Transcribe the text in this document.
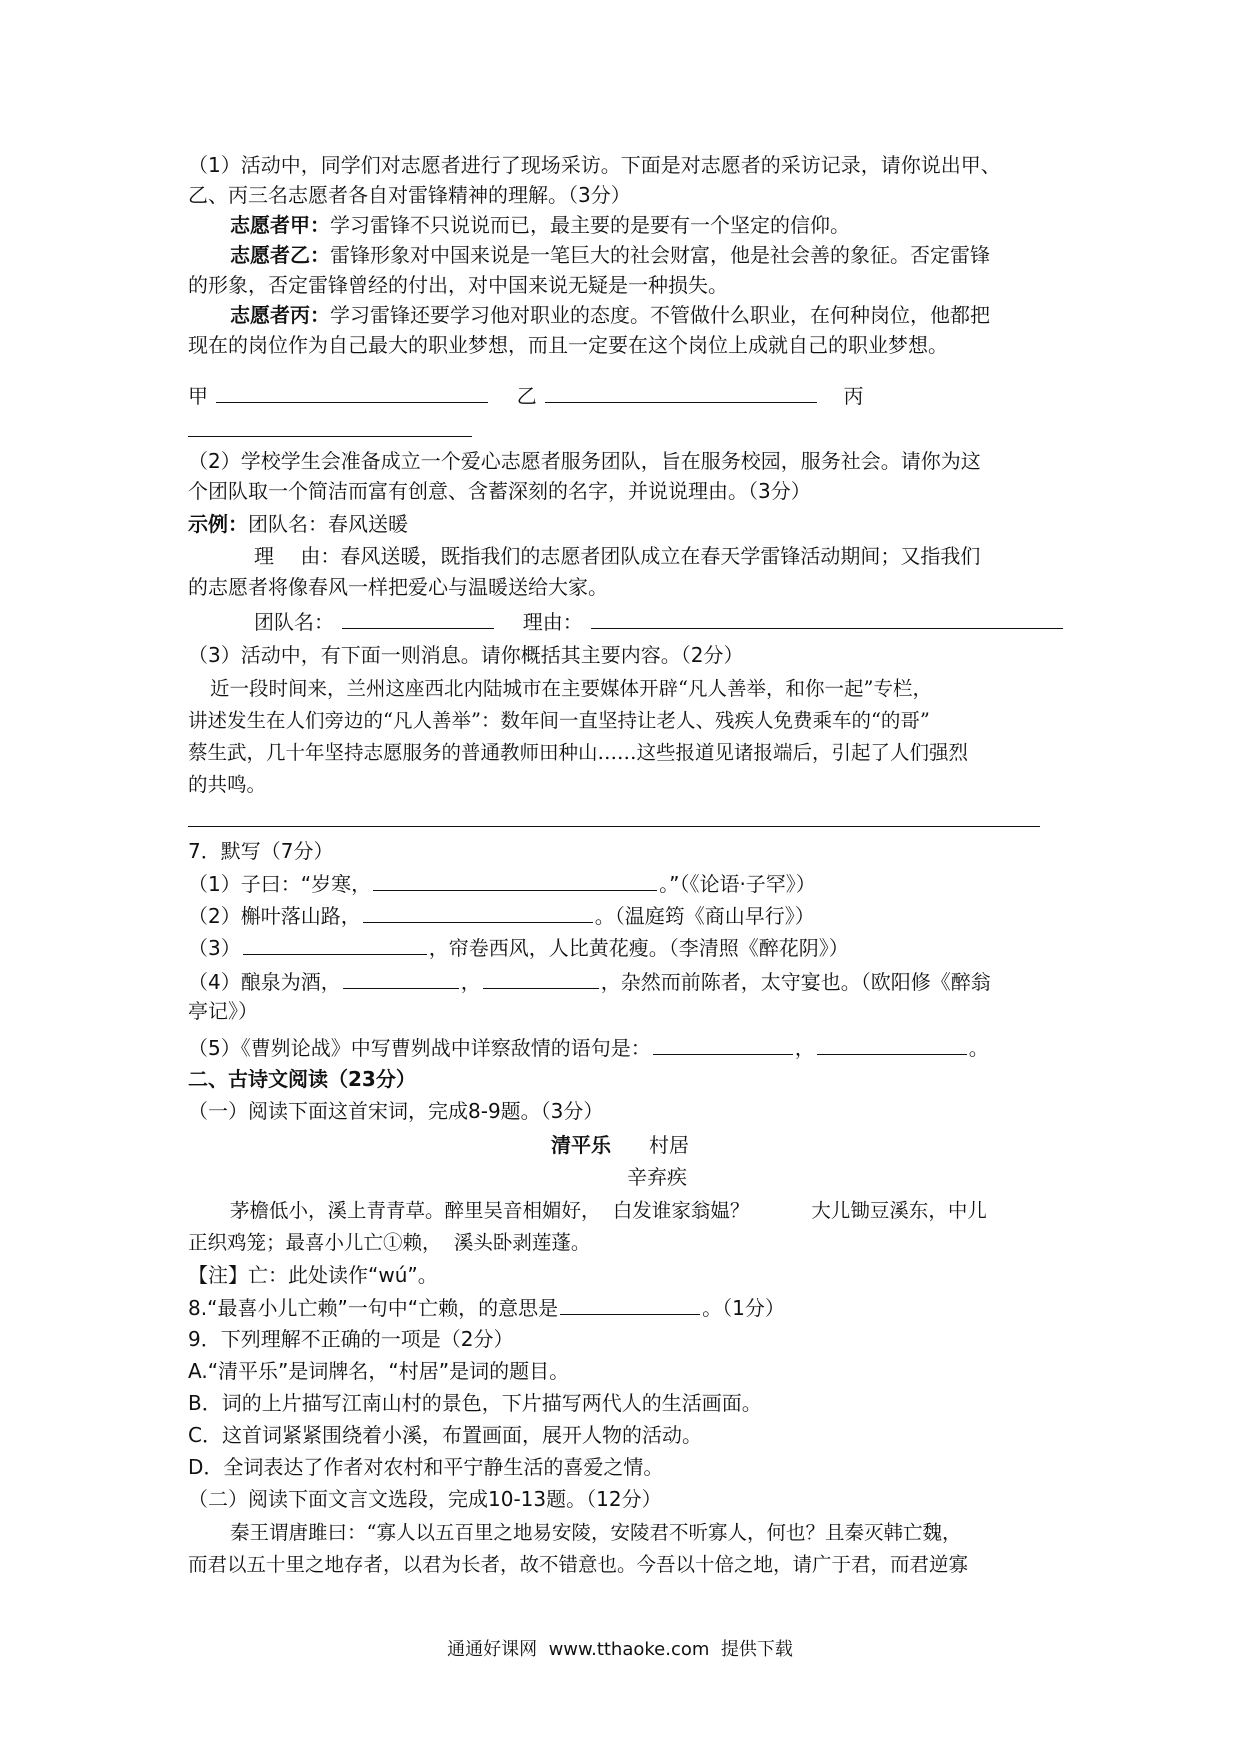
（1）活动中，同学们对志愿者进行了现场采访。下面是对志愿者的采访记录，请你说出甲、
乙、丙三名志愿者各自对雷锋精神的理解。（3分）
志愿者甲：学习雷锋不只说说而已，最主要的是要有一个坚定的信仰。
志愿者乙：雷锋形象对中国来说是一笔巨大的社会财富，他是社会善的象征。否定雷锋
的形象，否定雷锋曾经的付出，对中国来说无疑是一种损失。
志愿者丙：学习雷锋还要学习他对职业的态度。不管做什么职业，在何种岗位，他都把
现在的岗位作为自己最大的职业梦想，而且一定要在这个岗位上成就自己的职业梦想。
甲	乙	丙
（2）学校学生会准备成立一个爱心志愿者服务团队，旨在服务校园，服务社会。请你为这
个团队取一个简洁而富有创意、含蓄深刻的名字，并说说理由。（3分）
示例：团队名：春风送暖
理　 由：春风送暖，既指我们的志愿者团队成立在春天学雷锋活动期间；又指我们
的志愿者将像春风一样把爱心与温暖送给大家。
团队名：	理由：
（3）活动中，有下面一则消息。请你概括其主要内容。（2分）
近一段时间来，兰州这座西北内陆城市在主要媒体开辟“凡人善举，和你一起”专栏，
讲述发生在人们旁边的“凡人善举”：数年间一直坚持让老人、残疾人免费乘车的“的哥”
蔡生武，几十年坚持志愿服务的普通教师田种山……这些报道见诸报端后，引起了人们强烈
的共鸣。
7．默写（7分）
（1）子曰：“岁寒，	。”（《论语·子罕》）
（2）槲叶落山路，	。（温庭筠《商山早行》）
（3）	，帘卷西风，人比黄花瘦。（李清照《醉花阴》）
（4）酿泉为酒，	，	，杂然而前陈者，太守宴也。（欧阳修《醉翁
亭记》）
（5）《曹刿论战》中写曹刿战中详察敌情的语句是：	，	。
二、古诗文阅读（23分）
（一）阅读下面这首宋词，完成8-9题。（3分）
清平乐 村居
辛弃疾
茅檐低小，溪上青青草。醉里吴音相媚好，  白发谁家翁媪？          大儿锄豆溪东，中儿
正织鸡笼；最喜小儿亡①赖，  溪头卧剥莲蓬。
【注】亡：此处读作“wú”。
8.“最喜小儿亡赖”一句中“亡赖，的意思是	。（1分）
9．下列理解不正确的一项是（2分）
A.“清平乐”是词牌名，“村居”是词的题目。
B．词的上片描写江南山村的景色，下片描写两代人的生活画面。
C．这首词紧紧围绕着小溪，布置画面，展开人物的活动。
D．全词表达了作者对农村和平宁静生活的喜爱之情。
（二）阅读下面文言文选段，完成10-13题。（12分）
秦王谓唐雎曰：“寡人以五百里之地易安陵，安陵君不听寡人，何也？且秦灭韩亡魏，
而君以五十里之地存者，以君为长者，故不错意也。今吾以十倍之地，请广于君，而君逆寡
通通好课网  www.tthaoke.com  提供下载
